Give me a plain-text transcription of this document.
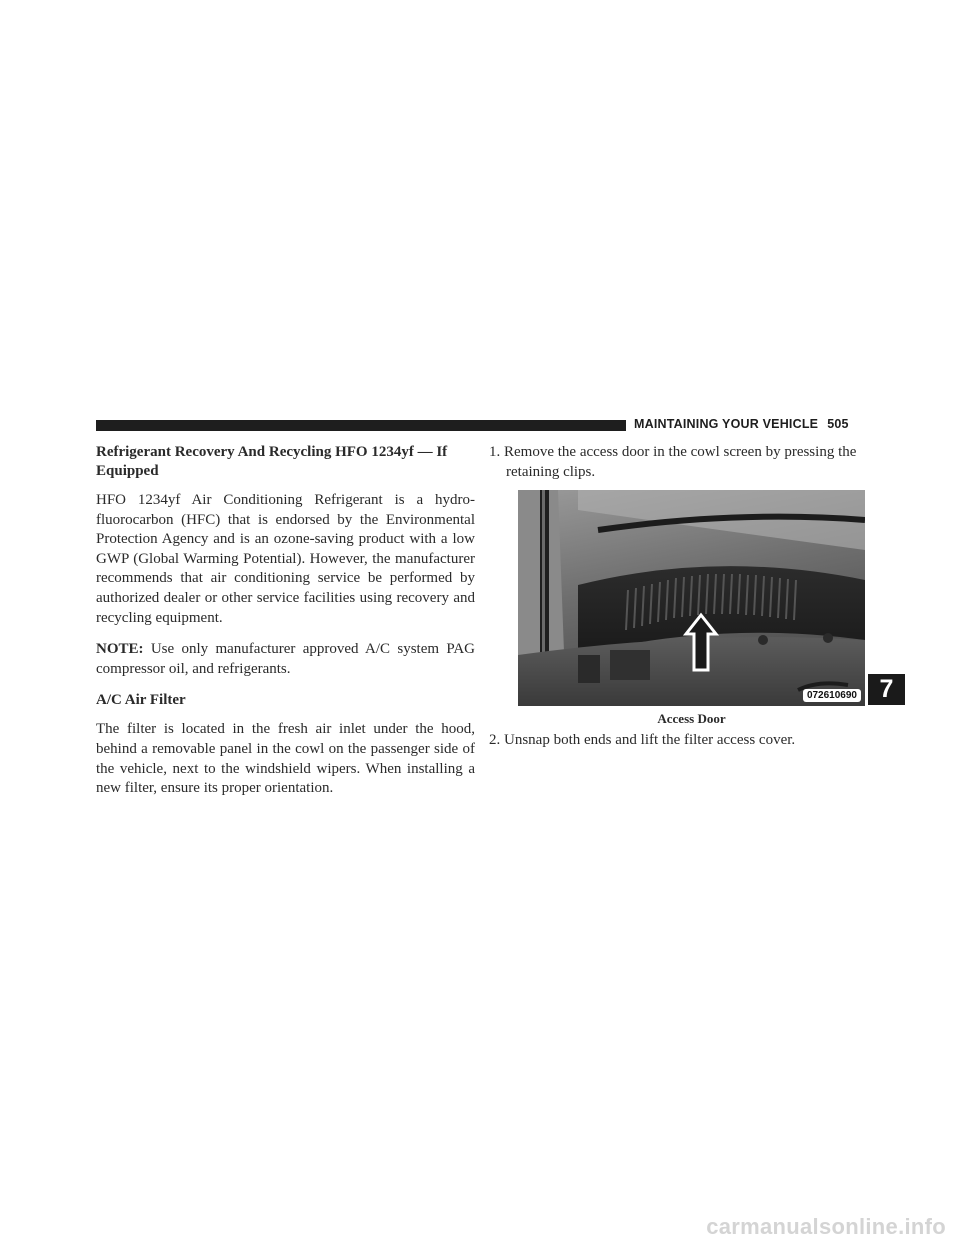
MAINTAINING YOUR VEHICLE 505
Refrigerant Recovery And Recycling HFO 1234yf — If Equipped

HFO 1234yf Air Conditioning Refrigerant is a hydrofluorocarbon (HFC) that is endorsed by the Environmental Protection Agency and is an ozone-saving product with a low GWP (Global Warming Potential). However, the manufacturer recommends that air conditioning service be performed by authorized dealer or other service facilities using recovery and recycling equipment.

NOTE: Use only manufacturer approved A/C system PAG compressor oil, and refrigerants.

A/C Air Filter

The filter is located in the fresh air inlet under the hood, behind a removable panel in the cowl on the passenger side of the vehicle, next to the windshield wipers. When installing a new filter, ensure its proper orientation.

1. Remove the access door in the cowl screen by pressing the retaining clips.
072610690
Access Door
2. Unsnap both ends and lift the filter access cover.
7
carmanualsonline.info
